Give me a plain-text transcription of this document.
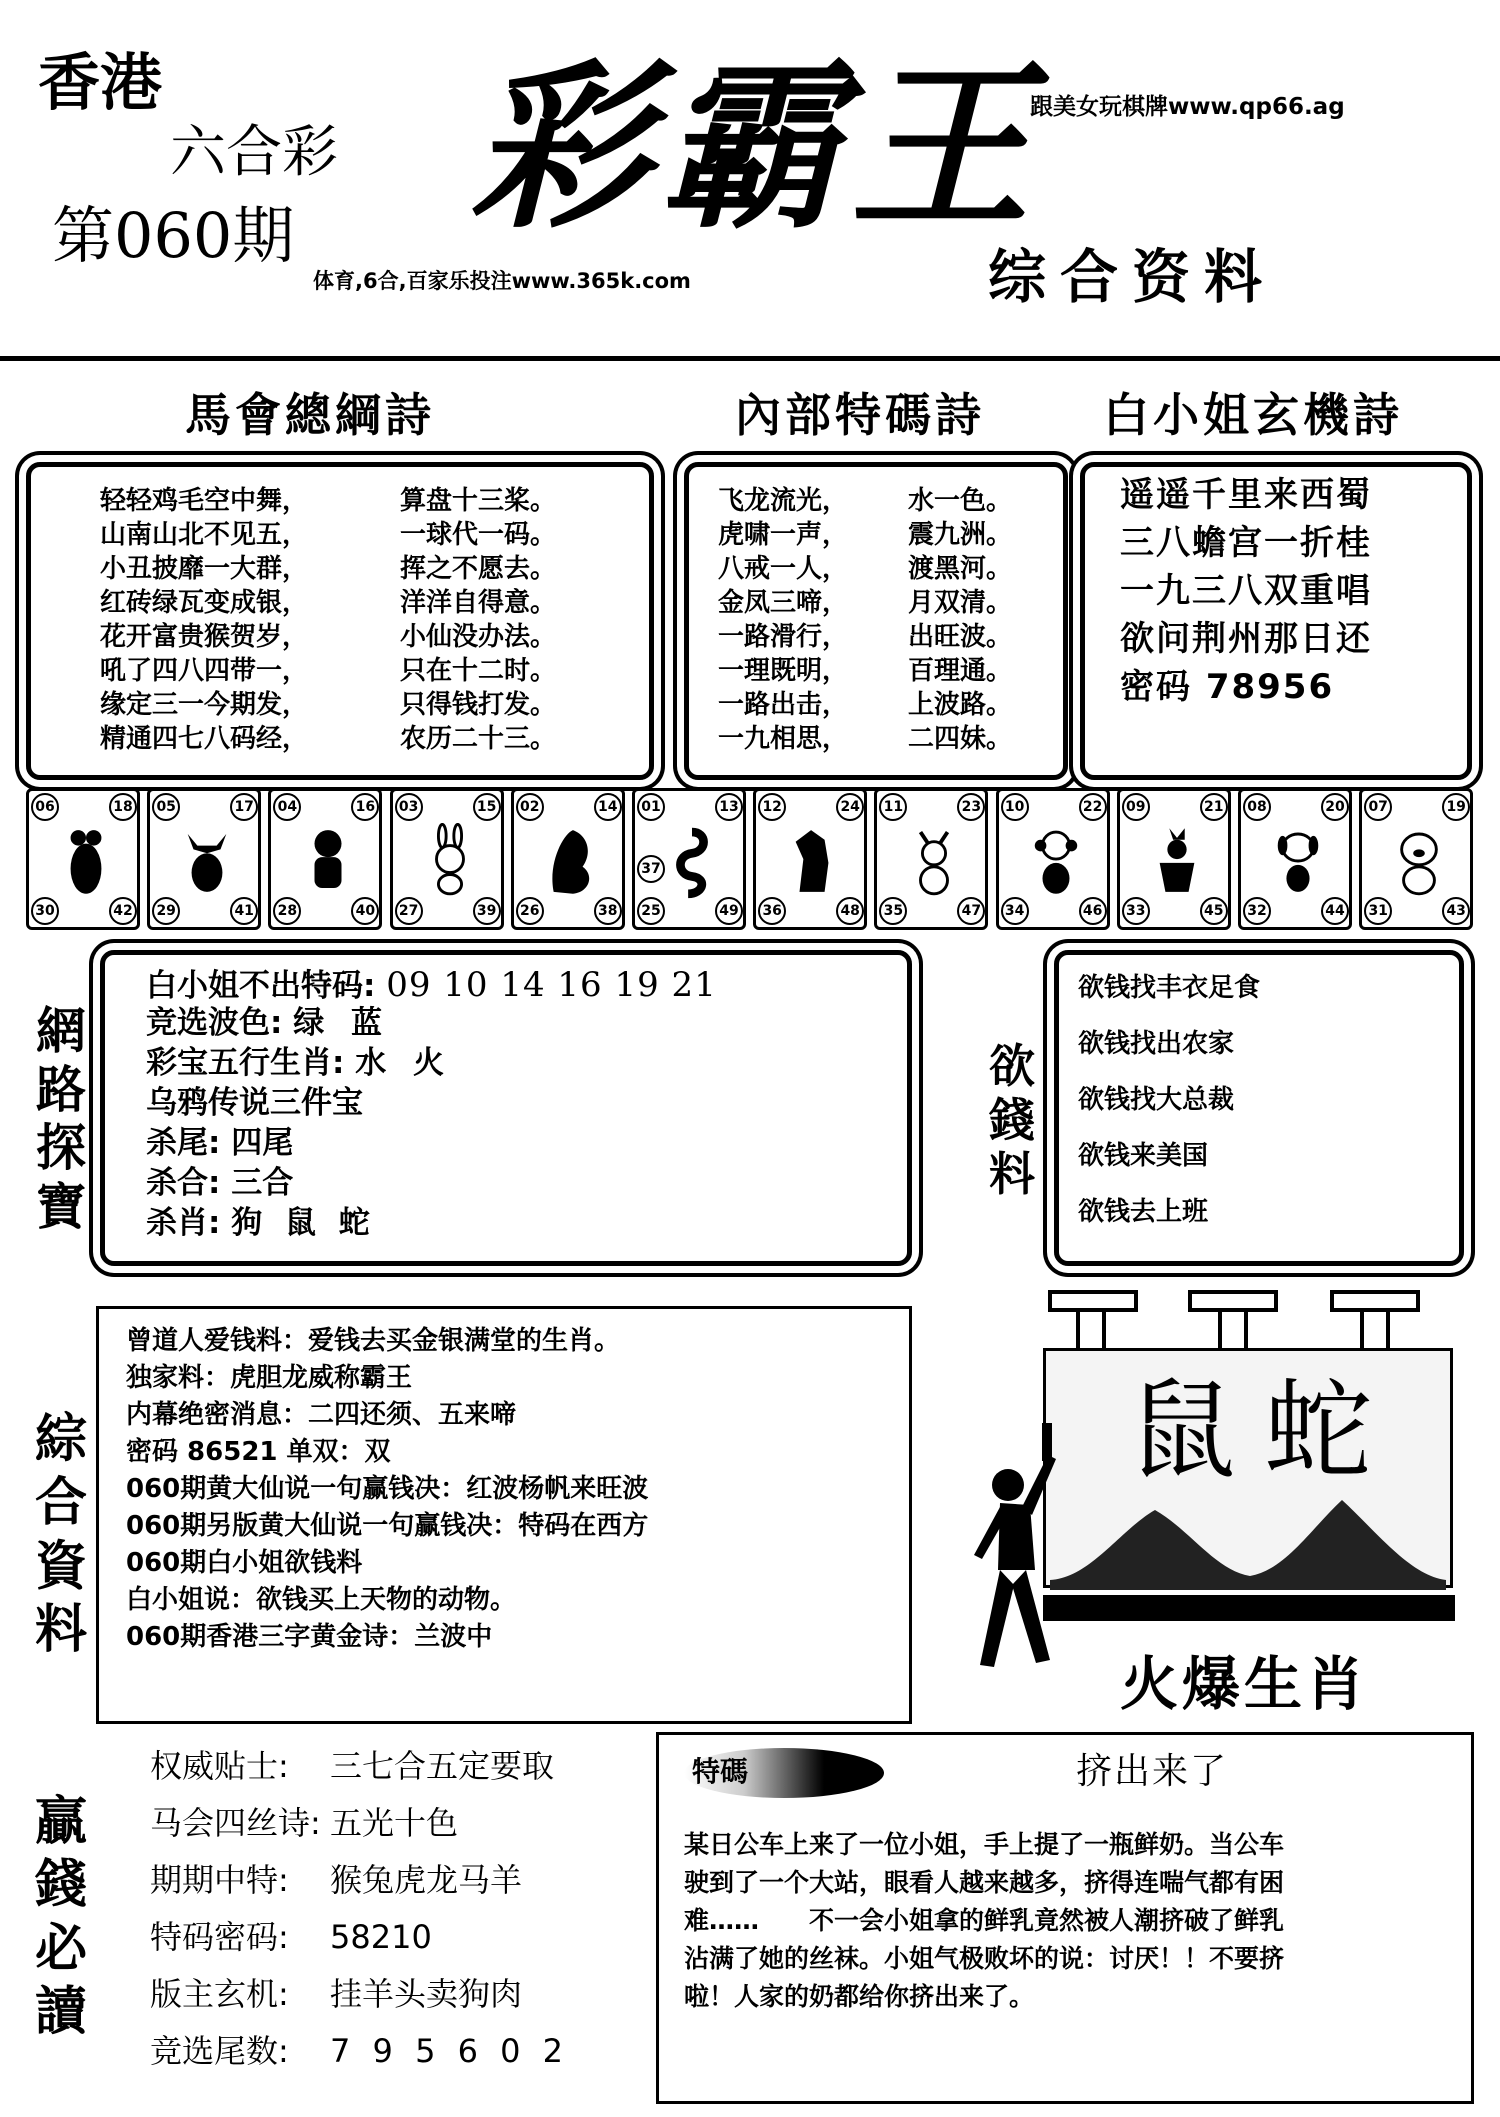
香港
六合彩
第060期 彩霸王
跟美女玩棋牌www.qp66.ag
体育,6合,百家乐投注www.365k.com	综合资料
馬會總綱詩	內部特碼詩	白小姐玄機詩
轻轻鸡毛空中舞，	算盘十三桨。
山南山北不见五，	一球代一码。
小丑披靡一大群，	挥之不愿去。
红砖绿瓦变成银，	洋洋自得意。
花开富贵猴贺岁，	小仙没办法。
吼了四八四带一，	只在十二时。
缘定三一今期发，	只得钱打发。
精通四七八码经，	农历二十三。
飞龙流光，	水一色。
虎啸一声，	震九洲。
八戒一人，	渡黑河。
金凤三啼，	月双清。
一路滑行，	出旺波。
一理既明，	百理通。
一路出击，	上波路。
一九相思，	二四妹。
遥遥千里来西蜀
三八蟾宫一折桂
一九三八双重唱
欲问荆州那日还
密码 78956
06	18
30	42
05	17
29	41
04	16
28	40
03	15
27	39
02	14
26	38
01	13
25	49
37
12	24
36	48
11	23
35	47
10	22
34	46
09	21
33	45
08	20
32	44
07	19
31	43
網路探寶
白小姐不出特码: 09 10 14 16 19 21
竞选波色: 绿 蓝
彩宝五行生肖: 水 火
乌鸦传说三件宝
杀尾: 四尾
杀合: 三合
杀肖: 狗 鼠 蛇
欲錢料
欲钱找丰衣足食
欲钱找出农家
欲钱找大总裁
欲钱来美国
欲钱去上班
綜合資料
曾道人爱钱料：爱钱去买金银满堂的生肖。
独家料：虎胆龙威称霸王
内幕绝密消息：二四还须、五来啼
密码 86521 单双：双
060期黄大仙说一句赢钱决：红波杨帆来旺波
060期另版黄大仙说一句赢钱决：特码在西方
060期白小姐欲钱料
白小姐说：欲钱买上天物的动物。
060期香港三字黄金诗：兰波中
鼠蛇
火爆生肖
贏錢必讀
权威贴士:	三七合五定要取
马会四丝诗: 五光十色
期期中特:	猴兔虎龙马羊
特码密码:	58210
版主玄机:	挂羊头卖狗肉
竞选尾数:	7 9 5 6 0 2
特碼	挤出来了
某日公车上来了一位小姐，手上提了一瓶鲜奶。当公车
驶到了一个大站，眼看人越来越多，挤得连喘气都有困
难……　　不一会小姐拿的鲜乳竟然被人潮挤破了鲜乳
沾满了她的丝袜。小姐气极败坏的说：讨厌！！不要挤
啦！人家的奶都给你挤出来了。
